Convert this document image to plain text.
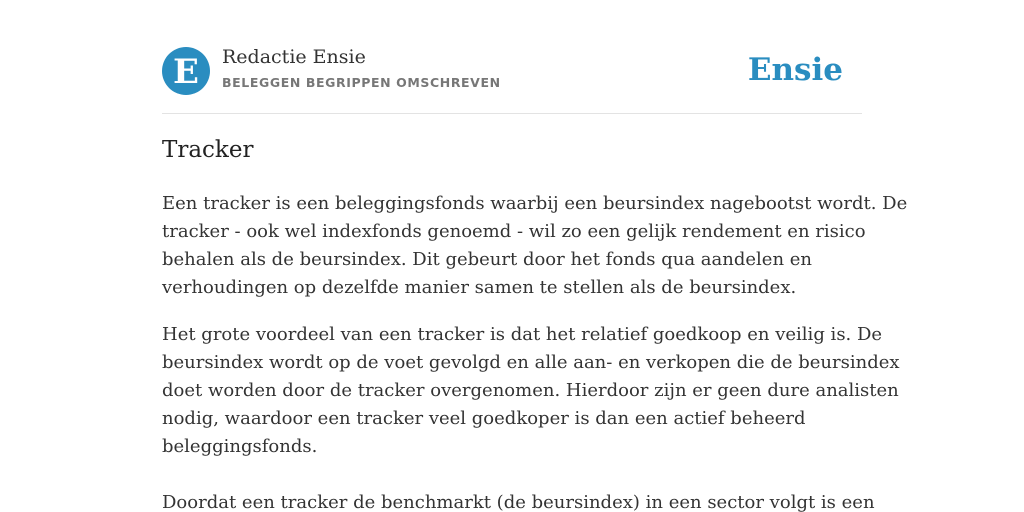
E Redactie Ensie
BELEGGEN BEGRIPPEN OMSCHREVEN	Ensie
Tracker

Een tracker is een beleggingsfonds waarbij een beursindex nagebootst wordt. De
tracker - ook wel indexfonds genoemd - wil zo een gelijk rendement en risico
behalen als de beursindex. Dit gebeurt door het fonds qua aandelen en
verhoudingen op dezelfde manier samen te stellen als de beursindex.

Het grote voordeel van een tracker is dat het relatief goedkoop en veilig is. De
beursindex wordt op de voet gevolgd en alle aan- en verkopen die de beursindex
doet worden door de tracker overgenomen. Hierdoor zijn er geen dure analisten
nodig, waardoor een tracker veel goedkoper is dan een actief beheerd
beleggingsfonds.

Doordat een tracker de benchmarkt (de beursindex) in een sector volgt is een
